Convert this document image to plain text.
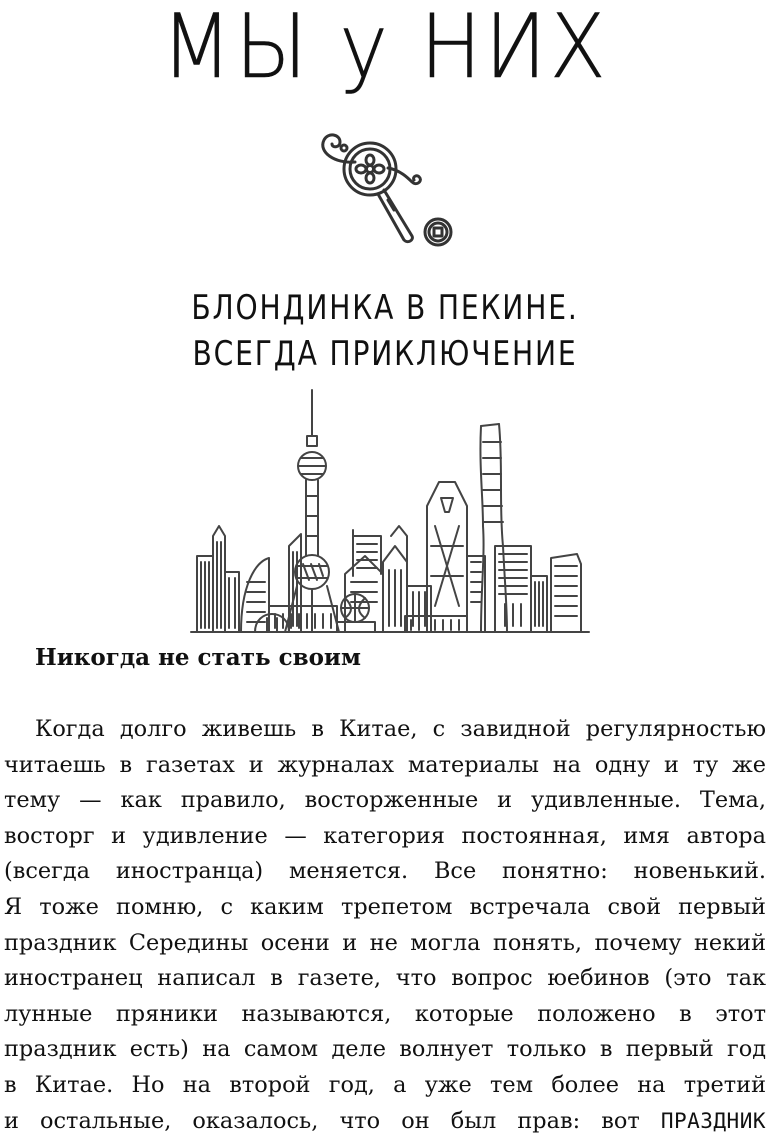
МЫ у НИХ
БЛОНДИНКА В ПЕКИНЕ.
ВСЕГДА ПРИКЛЮЧЕНИЕ
Никогда не стать своим
Когда долго живешь в Китае, с завидной регулярностью
читаешь в газетах и журналах материалы на одну и ту же
тему — как правило, восторженные и удивленные. Тема,
восторг и удивление — категория постоянная, имя автора
(всегда иностранца) меняется. Все понятно: новенький.
Я тоже помню, с каким трепетом встречала свой первый
праздник Середины осени и не могла понять, почему некий
иностранец написал в газете, что вопрос юебинов (это так
лунные пряники называются, которые положено в этот
праздник есть) на самом деле волнует только в первый год
в Китае. Но на второй год, а уже тем более на третий
и остальные, оказалось, что он был прав: вот ПРАЗДНИК
